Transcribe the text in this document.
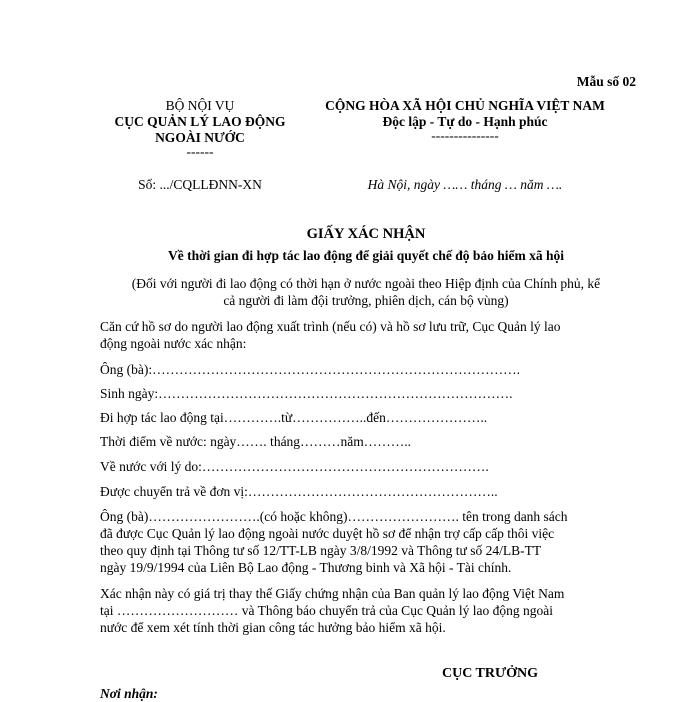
Mẫu số 02
BỘ NỘI VỤ
CỤC QUẢN LÝ LAO ĐỘNG
NGOÀI NƯỚC
------
Số: .../CQLLĐNN-XN
CỘNG HÒA XÃ HỘI CHỦ NGHĨA VIỆT NAM
Độc lập - Tự do - Hạnh phúc
---------------
Hà Nội, ngày …… tháng … năm ….
GIẤY XÁC NHẬN
Về thời gian đi hợp tác lao động để giải quyết chế độ bảo hiểm xã hội
(Đối với người đi lao động có thời hạn ở nước ngoài theo Hiệp định của Chính phủ, kể
cả người đi làm đội trưởng, phiên dịch, cán bộ vùng)
Căn cứ hồ sơ do người lao động xuất trình (nếu có) và hồ sơ lưu trữ, Cục Quản lý lao
động ngoài nước xác nhận:
Ông (bà):……………………………………………………………………….
Sinh ngày:…………………………………………………………………….
Đi hợp tác lao động tại………….từ……………..đến…………………..
Thời điểm về nước: ngày……. tháng………năm………..
Về nước với lý do:……………………………………………………….
Được chuyển trả về đơn vị:………………………………………………..
Ông (bà)…………………….(có hoặc không)……………………. tên trong danh sách
đã được Cục Quản lý lao động ngoài nước duyệt hồ sơ để nhận trợ cấp cấp thôi việc
theo quy định tại Thông tư số 12/TT-LB ngày 3/8/1992 và Thông tư số 24/LB-TT
ngày 19/9/1994 của Liên Bộ Lao động - Thương binh và Xã hội - Tài chính.
Xác nhận này có giá trị thay thế Giấy chứng nhận của Ban quản lý lao động Việt Nam
tại ……………………… và Thông báo chuyển trả của Cục Quản lý lao động ngoài
nước để xem xét tính thời gian công tác hưởng bảo hiểm xã hội.
CỤC TRƯỞNG
Nơi nhận:
